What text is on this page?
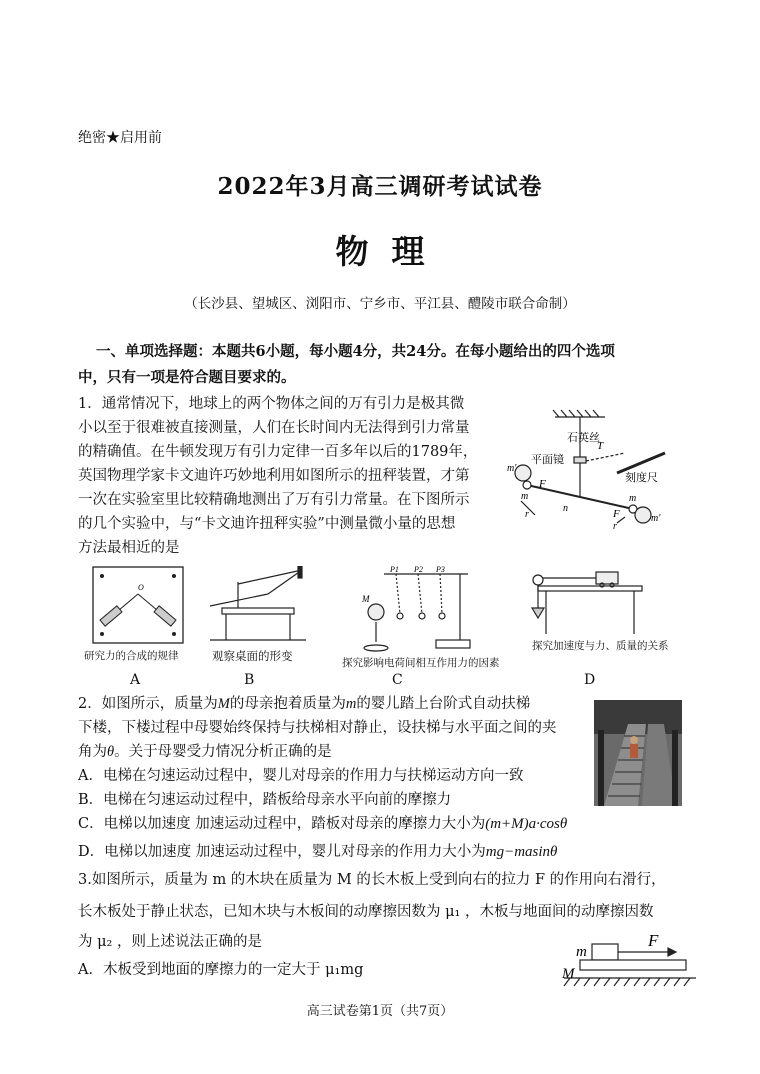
绝密★启用前
2022年3月高三调研考试试卷
物  理
（长沙县、望城区、浏阳市、宁乡市、平江县、醴陵市联合命制）
一、单项选择题：本题共6小题，每小题4分，共24分。在每小题给出的四个选项
中，只有一项是符合题目要求的。
1．通常情况下，地球上的两个物体之间的万有引力是极其微
小以至于很难被直接测量，人们在长时间内无法得到引力常量
的精确值。在牛顿发现万有引力定律一百多年以后的1789年，
英国物理学家卡文迪许巧妙地利用如图所示的扭秤装置，才第
一次在实验室里比较精确地测出了万有引力常量。在下图所示
的几个实验中，与“卡文迪许扭秤实验”中测量微小量的思想
方法最相近的是
石英丝
平面镜
刻度尺
T
m′
m′
m	m
F
F
r
r
n
O
研究力的合成的规律
A
观察桌面的形变
B
P1 P2 P3
M
探究影响电荷间相互作用力的因素
C
探究加速度与力、质量的关系
D
2．如图所示，质量为M的母亲抱着质量为m的婴儿踏上台阶式自动扶梯
下楼，下楼过程中母婴始终保持与扶梯相对静止，设扶梯与水平面之间的夹
角为θ。关于母婴受力情况分析正确的是
A．电梯在匀速运动过程中，婴儿对母亲的作用力与扶梯运动方向一致
B．电梯在匀速运动过程中，踏板给母亲水平向前的摩擦力
C．电梯以加速度 加速运动过程中，踏板对母亲的摩擦力大小为(m+M)a·cosθ
D．电梯以加速度 加速运动过程中，婴儿对母亲的作用力大小为mg−masinθ
3.如图所示，质量为 m 的木块在质量为 M 的长木板上受到向右的拉力 F 的作用向右滑行，
长木板处于静止状态，已知木块与木板间的动摩擦因数为 μ₁ ，木板与地面间的动摩擦因数
为 μ₂ ，则上述说法正确的是
A．木板受到地面的摩擦力的一定大于 μ₁mg
m
M
F
高三试卷第1页（共7页）
